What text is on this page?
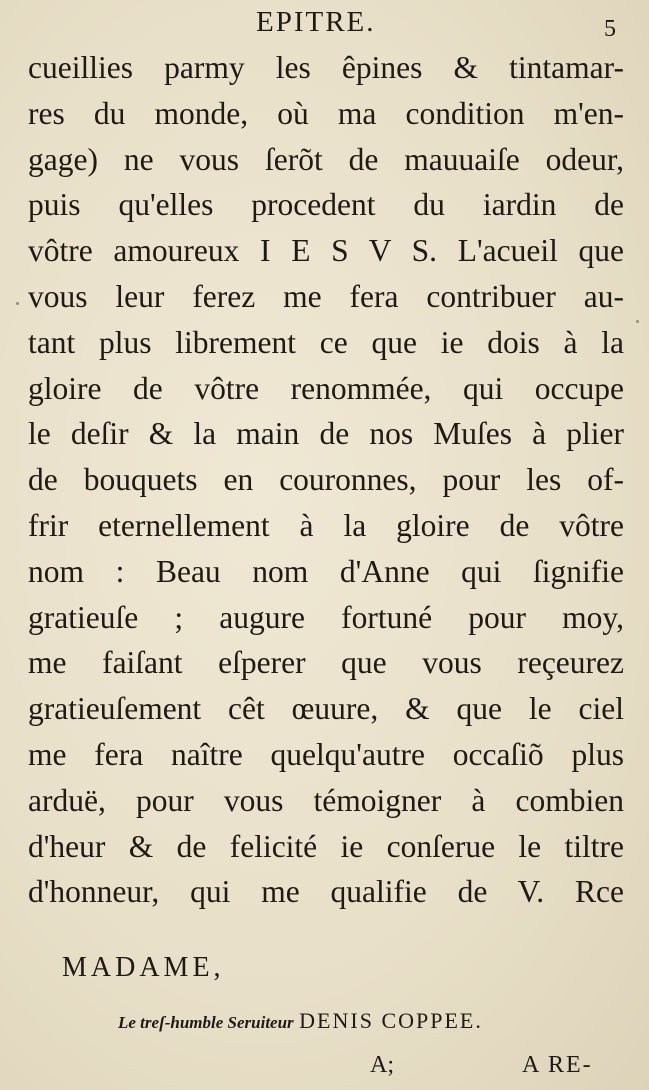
EPITRE.	5
cueillies parmy les êpines & tintamar-
res du monde, où ma condition m'en-
gage) ne vous ſerõt de mauuaiſe odeur,
puis qu'elles procedent du iardin de
vôtre amoureux I E S V S. L'acueil que
vous leur ferez me fera contribuer au-
tant plus librement ce que ie dois à la
gloire de vôtre renommée, qui occupe
le deſir & la main de nos Muſes à plier
de bouquets en couronnes, pour les of-
frir eternellement à la gloire de vôtre
nom : Beau nom d'Anne qui ſignifie
gratieuſe ; augure fortuné pour moy,
me faiſant eſperer que vous reçeurez
gratieuſement cêt œuure, & que le ciel
me fera naître quelqu'autre occaſiõ plus
arduë, pour vous témoigner à combien
d'heur & de felicité ie conſerue le tiltre
d'honneur, qui me qualifie de V. Rce
MADAME,
Le treſ-humble Seruiteur DENIS COPPEE.
A;	A RE-
